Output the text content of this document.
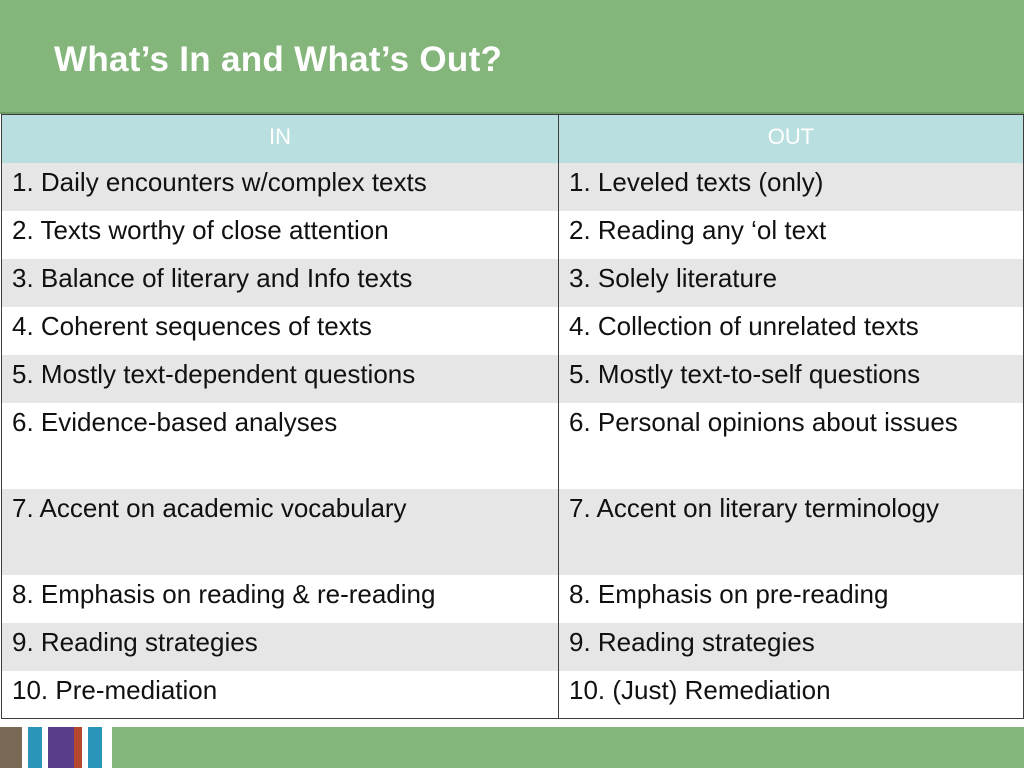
What’s In and What’s Out?
IN	OUT

1. Daily encounters w/complex texts	1. Leveled texts (only)

2. Texts worthy of close attention	2. Reading any ‘ol text

3. Balance of literary and Info texts	3. Solely literature

4. Coherent sequences of texts	4. Collection of unrelated texts

5. Mostly text-dependent questions	5. Mostly text-to-self questions

6. Evidence-based analyses	6. Personal opinions about issues

7. Accent on academic vocabulary	7. Accent on literary terminology

8. Emphasis on reading & re-reading	8. Emphasis on pre-reading

9. Reading strategies	9. Reading strategies

10. Pre-mediation	10. (Just) Remediation
